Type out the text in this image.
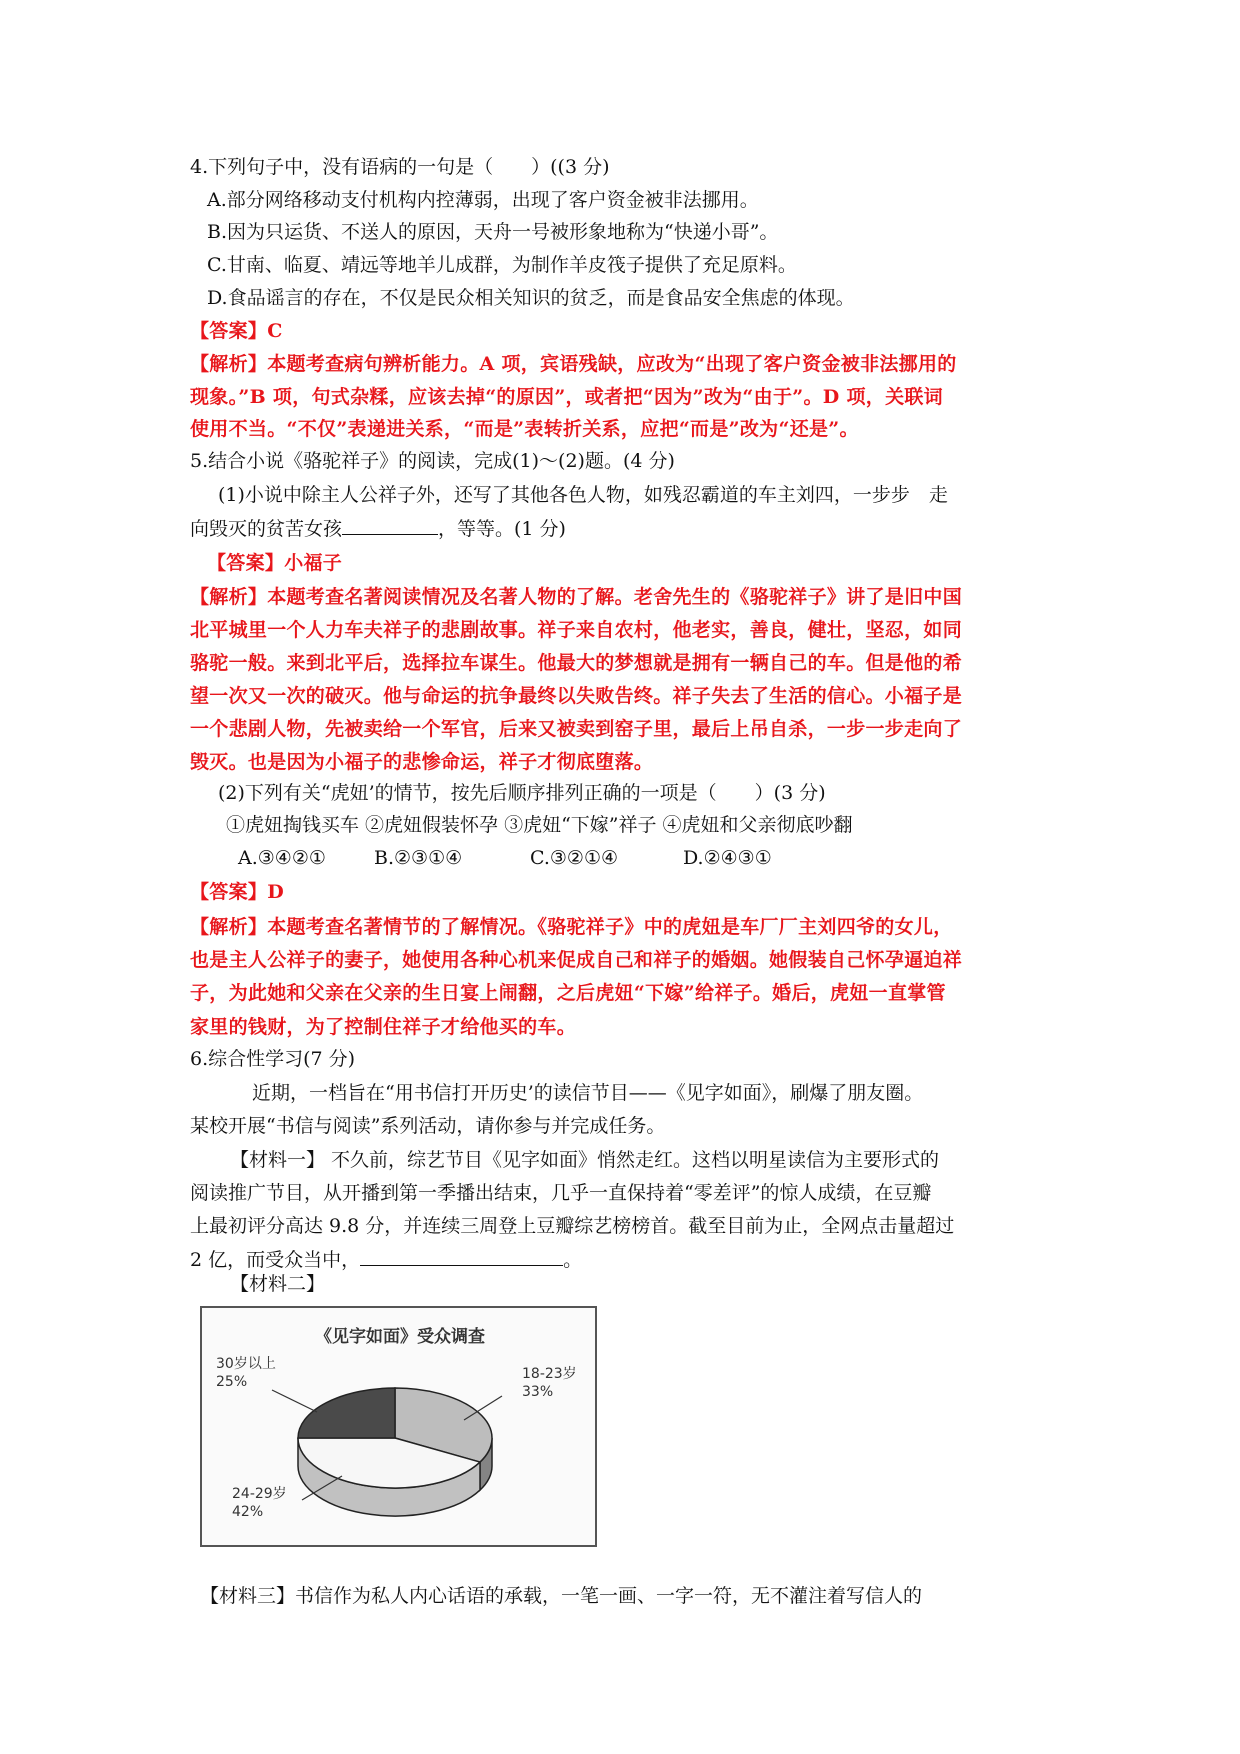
4.下列句子中，没有语病的一句是（　　）((3 分)
A.部分网络移动支付机构内控薄弱，出现了客户资金被非法挪用。
B.因为只运货、不送人的原因，天舟一号被形象地称为“快递小哥”。
C.甘南、临夏、靖远等地羊儿成群，为制作羊皮筏子提供了充足原料。
D.食品谣言的存在，不仅是民众相关知识的贫乏，而是食品安全焦虑的体现。
【答案】C
【解析】本题考查病句辨析能力。A 项，宾语残缺，应改为“出现了客户资金被非法挪用的
现象。”B 项，句式杂糅，应该去掉“的原因”，或者把“因为”改为“由于”。D 项，关联词
使用不当。“不仅”表递进关系，“而是”表转折关系，应把“而是”改为“还是”。
5.结合小说《骆驼祥子》的阅读，完成(1)～(2)题。(4 分)
(1)小说中除主人公祥子外，还写了其他各色人物，如残忍霸道的车主刘四，一步步　走
向毁灭的贫苦女孩	，等等。(1 分)
【答案】小福子
【解析】本题考查名著阅读情况及名著人物的了解。老舍先生的《骆驼祥子》讲了是旧中国
北平城里一个人力车夫祥子的悲剧故事。祥子来自农村，他老实，善良，健壮，坚忍，如同
骆驼一般。来到北平后，选择拉车谋生。他最大的梦想就是拥有一辆自己的车。但是他的希
望一次又一次的破灭。他与命运的抗争最终以失败告终。祥子失去了生活的信心。小福子是
一个悲剧人物，先被卖给一个军官，后来又被卖到窑子里，最后上吊自杀，一步一步走向了
毁灭。也是因为小福子的悲惨命运，祥子才彻底堕落。
(2)下列有关“虎妞’的情节，按先后顺序排列正确的一项是（　　）(3 分)
①虎妞掏钱买车 ②虎妞假装怀孕 ③虎妞“下嫁”祥子 ④虎妞和父亲彻底吵翻
A.③④②①	B.②③①④	C.③②①④	D.②④③①
【答案】D
【解析】本题考查名著情节的了解情况。《骆驼祥子》中的虎妞是车厂厂主刘四爷的女儿，
也是主人公祥子的妻子，她使用各种心机来促成自己和祥子的婚姻。她假装自己怀孕逼迫祥
子，为此她和父亲在父亲的生日宴上闹翻，之后虎妞“下嫁”给祥子。婚后，虎妞一直掌管
家里的钱财，为了控制住祥子才给他买的车。
6.综合性学习(7 分)
近期，一档旨在“用书信打开历史’的读信节目——《见字如面》，刷爆了朋友圈。
某校开展“书信与阅读”系列活动，请你参与并完成任务。
【材料一】 不久前，综艺节目《见字如面》悄然走红。这档以明星读信为主要形式的
阅读推广节目，从开播到第一季播出结束，几乎一直保持着“零差评”的惊人成绩，在豆瓣
上最初评分高达 9.8 分，并连续三周登上豆瓣综艺榜榜首。截至目前为止，全网点击量超过
2 亿，而受众当中，	。
【材料二】
《见字如面》受众调查
18-23岁
33%
24-29岁
42%
30岁以上
25%
【材料三】书信作为私人内心话语的承载，一笔一画、一字一符，无不灌注着写信人的
